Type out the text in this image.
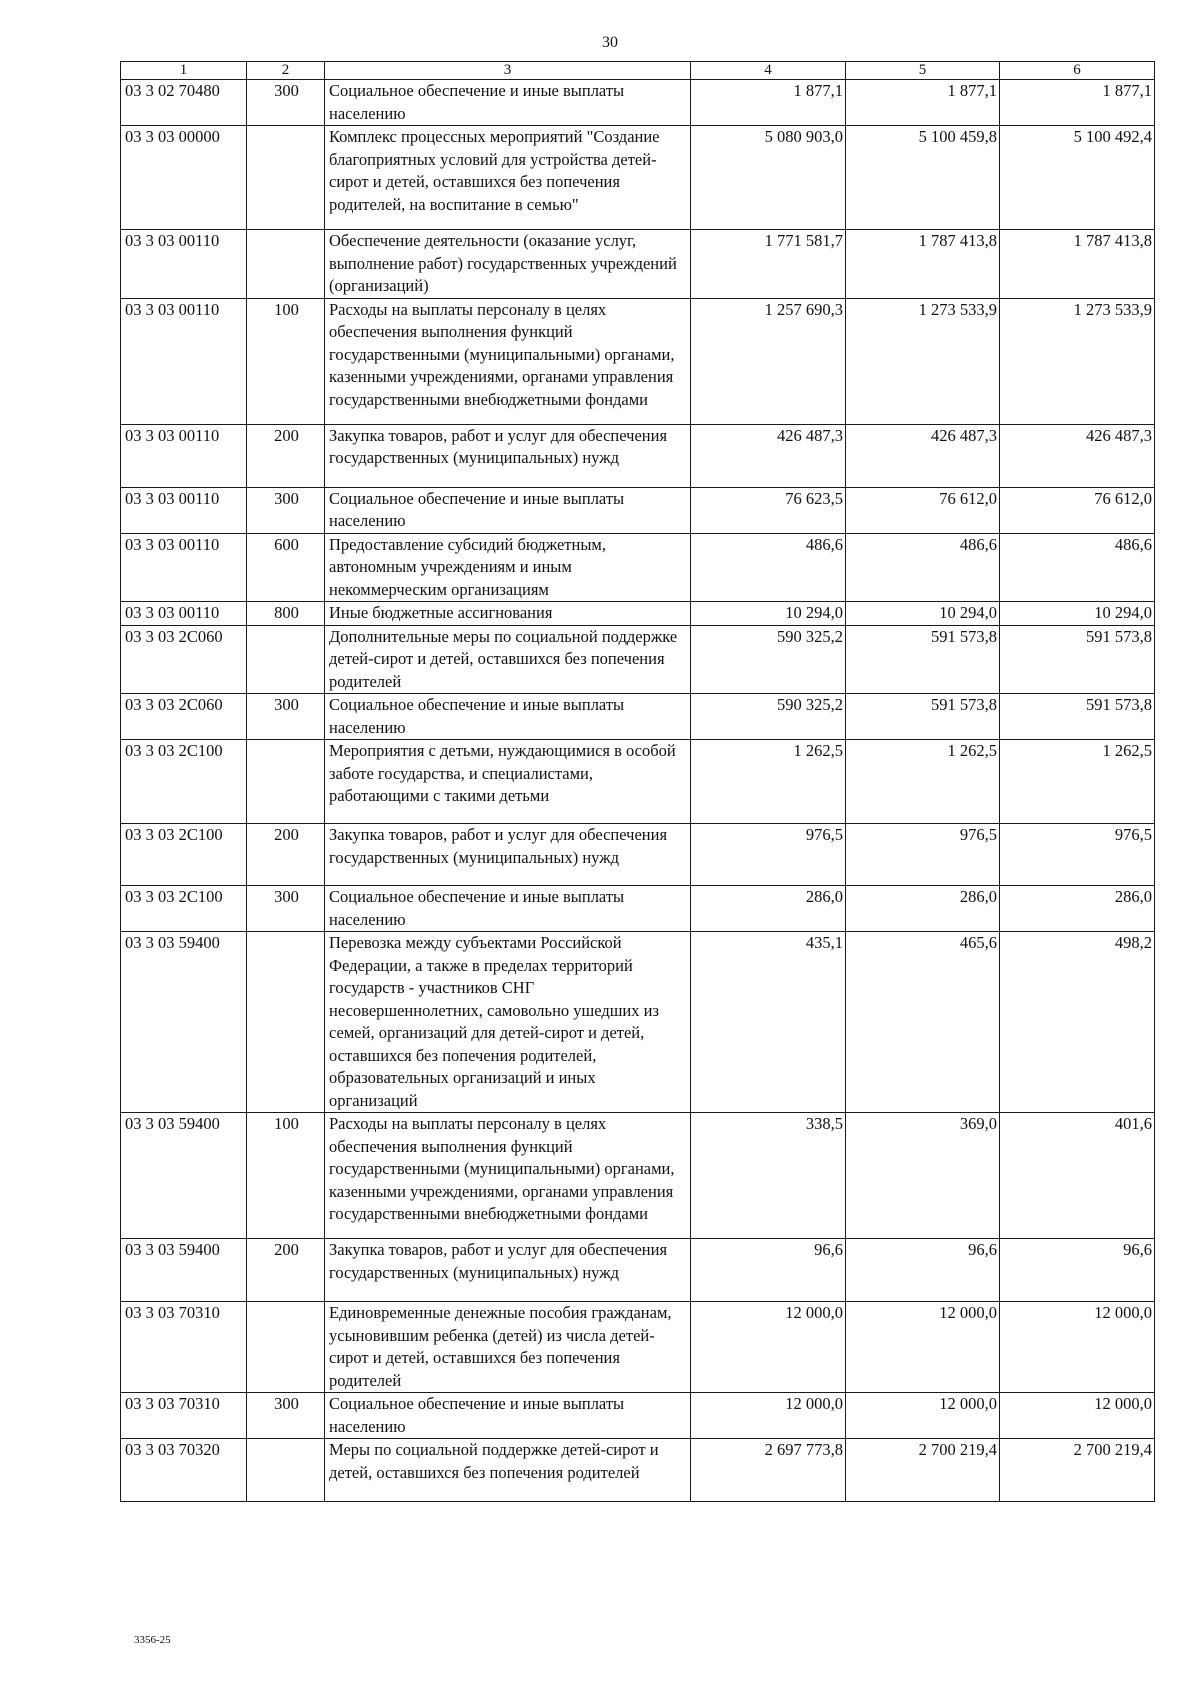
30
1	2	3	4	5	6
03 3 02 70480	300	Социальное обеспечение и иные выплаты населению	1 877,1	1 877,1	1 877,1
03 3 03 00000		Комплекс процессных мероприятий "Создание благоприятных условий для устройства детей-сирот и детей, оставшихся без попечения родителей, на воспитание в семью"	5 080 903,0	5 100 459,8	5 100 492,4
03 3 03 00110		Обеспечение деятельности (оказание услуг, выполнение работ) государственных учреждений (организаций)	1 771 581,7	1 787 413,8	1 787 413,8
03 3 03 00110	100	Расходы на выплаты персоналу в целях обеспечения выполнения функций государственными (муниципальными) органами, казенными учреждениями, органами управления государственными внебюджетными фондами	1 257 690,3	1 273 533,9	1 273 533,9
03 3 03 00110	200	Закупка товаров, работ и услуг для обеспечения государственных (муниципальных) нужд	426 487,3	426 487,3	426 487,3
03 3 03 00110	300	Социальное обеспечение и иные выплаты населению	76 623,5	76 612,0	76 612,0
03 3 03 00110	600	Предоставление субсидий бюджетным, автономным учреждениям и иным некоммерческим организациям	486,6	486,6	486,6
03 3 03 00110	800	Иные бюджетные ассигнования	10 294,0	10 294,0	10 294,0
03 3 03 2С060		Дополнительные меры по социальной поддержке детей-сирот и детей, оставшихся без попечения родителей	590 325,2	591 573,8	591 573,8
03 3 03 2С060	300	Социальное обеспечение и иные выплаты населению	590 325,2	591 573,8	591 573,8
03 3 03 2С100		Мероприятия с детьми, нуждающимися в особой заботе государства, и специалистами, работающими с такими детьми	1 262,5	1 262,5	1 262,5
03 3 03 2С100	200	Закупка товаров, работ и услуг для обеспечения государственных (муниципальных) нужд	976,5	976,5	976,5
03 3 03 2С100	300	Социальное обеспечение и иные выплаты населению	286,0	286,0	286,0
03 3 03 59400		Перевозка между субъектами Российской Федерации, а также в пределах территорий государств - участников СНГ несовершеннолетних, самовольно ушедших из семей, организаций для детей-сирот и детей, оставшихся без попечения родителей, образовательных организаций и иных организаций	435,1	465,6	498,2
03 3 03 59400	100	Расходы на выплаты персоналу в целях обеспечения выполнения функций государственными (муниципальными) органами, казенными учреждениями, органами управления государственными внебюджетными фондами	338,5	369,0	401,6
03 3 03 59400	200	Закупка товаров, работ и услуг для обеспечения государственных (муниципальных) нужд	96,6	96,6	96,6
03 3 03 70310		Единовременные денежные пособия гражданам, усыновившим ребенка (детей) из числа детей-сирот и детей, оставшихся без попечения родителей	12 000,0	12 000,0	12 000,0
03 3 03 70310	300	Социальное обеспечение и иные выплаты населению	12 000,0	12 000,0	12 000,0
03 3 03 70320		Меры по социальной поддержке детей-сирот и детей, оставшихся без попечения родителей	2 697 773,8	2 700 219,4	2 700 219,4
3356-25
